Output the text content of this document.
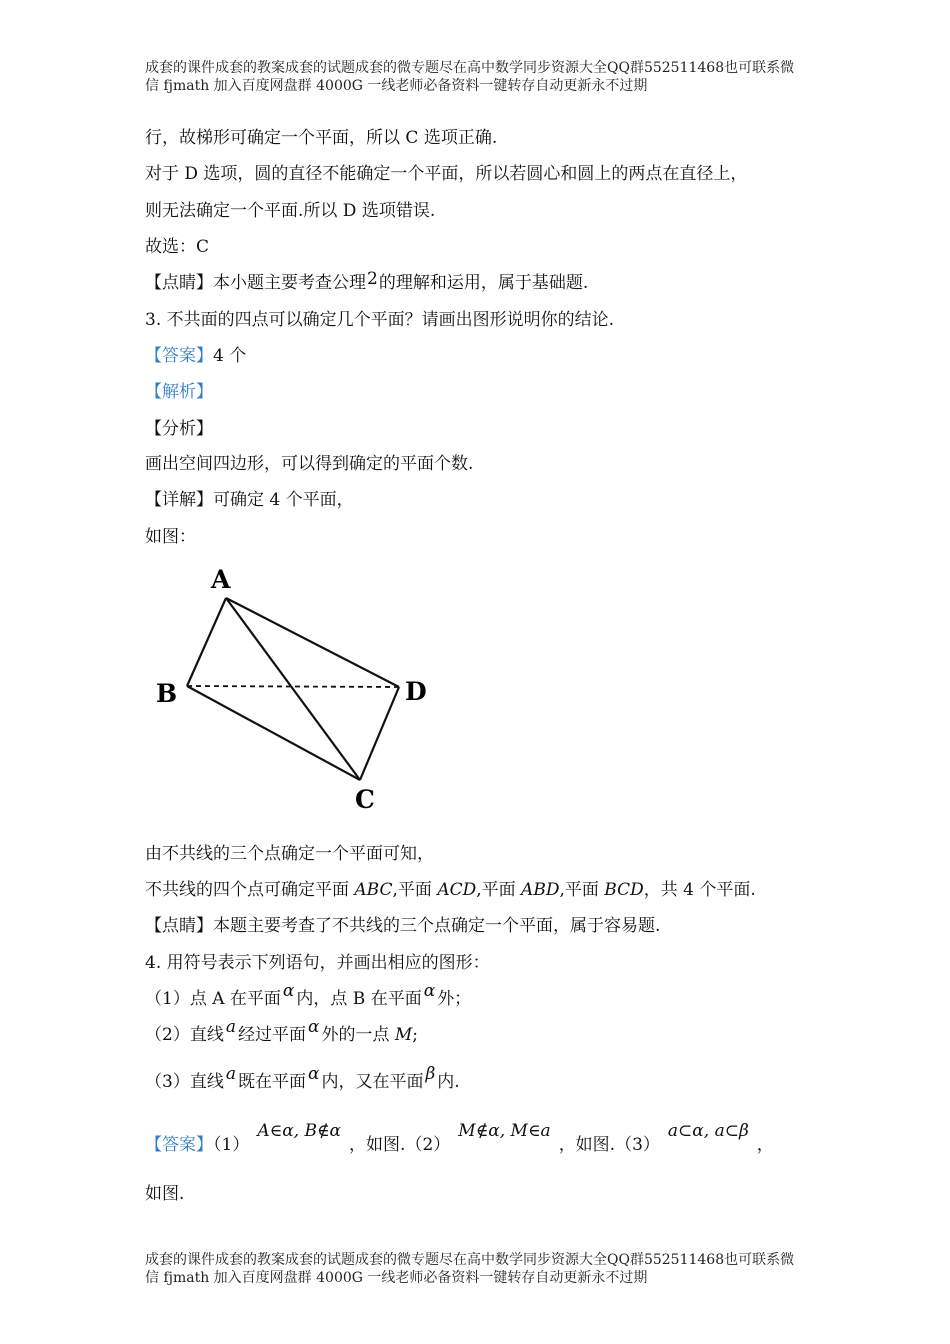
成套的课件成套的教案成套的试题成套的微专题尽在高中数学同步资源大全QQ群552511468也可联系微
信 fjmath 加入百度网盘群 4000G 一线老师必备资料一键转存自动更新永不过期
行，故梯形可确定一个平面，所以 C 选项正确.
对于 D 选项，圆的直径不能确定一个平面，所以若圆心和圆上的两点在直径上，
则无法确定一个平面.所以 D 选项错误.
故选：C
【点睛】本小题主要考查公理2的理解和运用，属于基础题.
3. 不共面的四点可以确定几个平面？请画出图形说明你的结论.
【答案】4 个
【解析】
【分析】
画出空间四边形，可以得到确定的平面个数.
【详解】可确定 4 个平面，
如图：
A
B
C
D
由不共线的三个点确定一个平面可知，
不共线的四个点可确定平面 ABC,平面 ACD,平面 ABD,平面 BCD，共 4 个平面.
【点睛】本题主要考查了不共线的三个点确定一个平面，属于容易题.
4. 用符号表示下列语句，并画出相应的图形：
（1）点 A 在平面 α 内，点 B 在平面 α 外；
（2）直线 a 经过平面 α 外的一点 M;
（3）直线 a 既在平面 α 内，又在平面 β 内.
【答案】（1）A∈α, B∉α，如图.（2）M∉α, M∈a，如图.（3）a⊂α, a⊂β，
如图.
成套的课件成套的教案成套的试题成套的微专题尽在高中数学同步资源大全QQ群552511468也可联系微
信 fjmath 加入百度网盘群 4000G 一线老师必备资料一键转存自动更新永不过期
